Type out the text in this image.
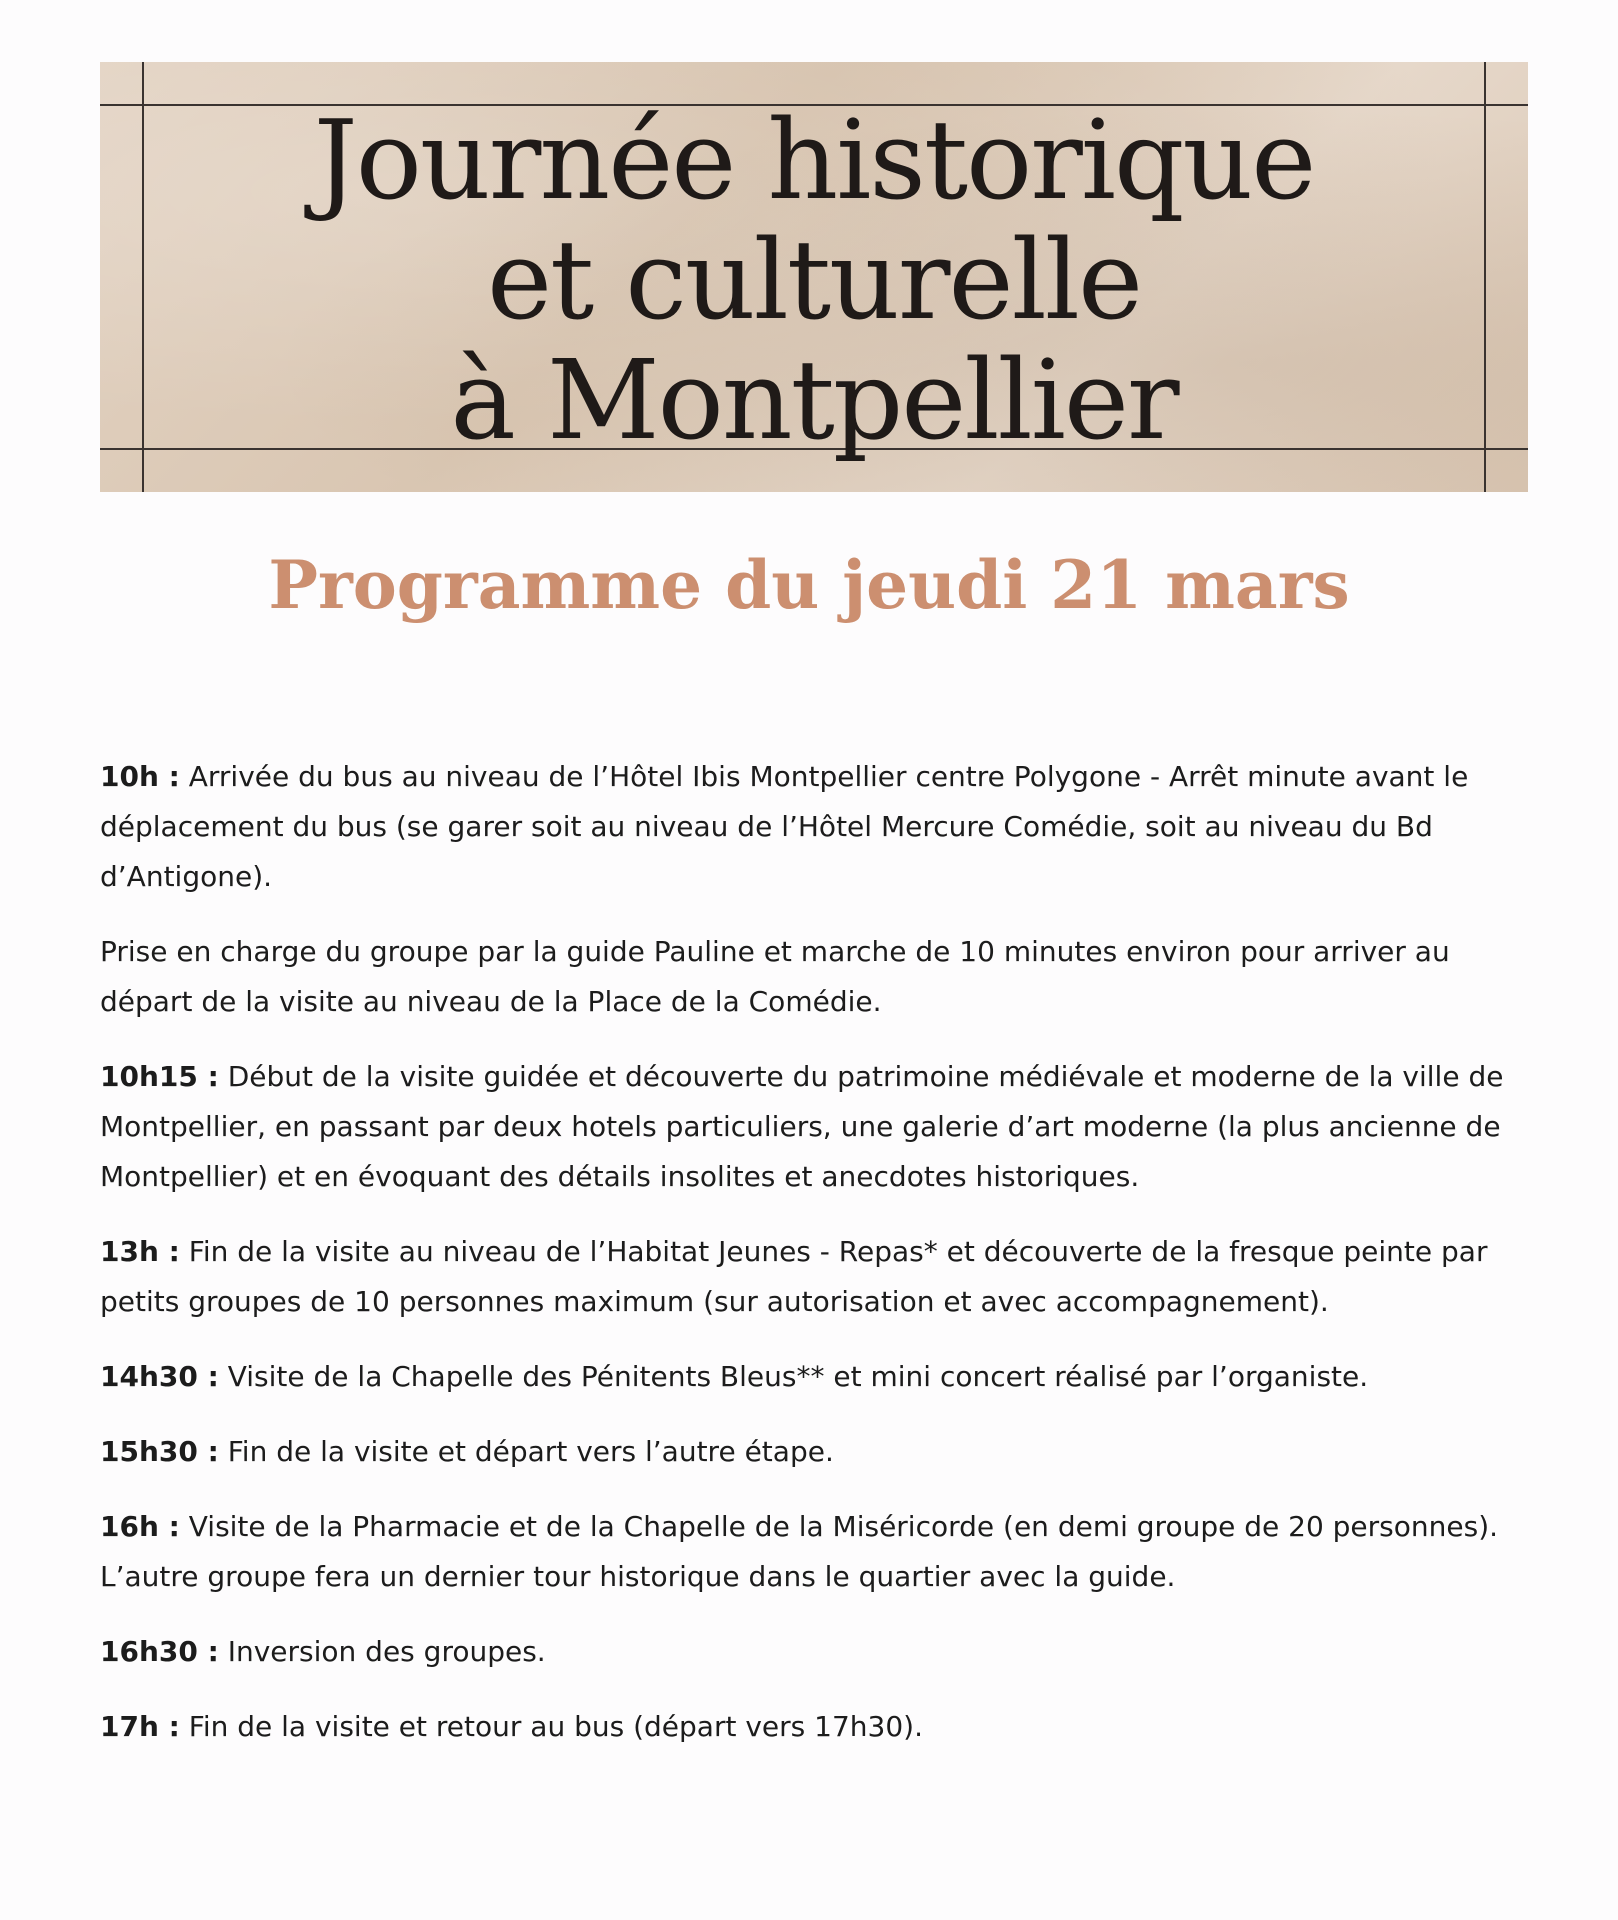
Journée historique
et culturelle
à Montpellier
Programme du jeudi 21 mars

10h : Arrivée du bus au niveau de l’Hôtel Ibis Montpellier centre Polygone - Arrêt minute avant le déplacement du bus (se garer soit au niveau de l’Hôtel Mercure Comédie, soit au niveau du Bd d’Antigone).

Prise en charge du groupe par la guide Pauline et marche de 10 minutes environ pour arriver au départ de la visite au niveau de la Place de la Comédie.

10h15 : Début de la visite guidée et découverte du patrimoine médiévale et moderne de la ville de Montpellier, en passant par deux hotels particuliers, une galerie d’art moderne (la plus ancienne de Montpellier) et en évoquant des détails insolites et anecdotes historiques.

13h : Fin de la visite au niveau de l’Habitat Jeunes - Repas* et découverte de la fresque peinte par petits groupes de 10 personnes maximum (sur autorisation et avec accompagnement).

14h30 : Visite de la Chapelle des Pénitents Bleus** et mini concert réalisé par l’organiste.

15h30 : Fin de la visite et départ vers l’autre étape.

16h : Visite de la Pharmacie et de la Chapelle de la Miséricorde (en demi groupe de 20 personnes). L’autre groupe fera un dernier tour historique dans le quartier avec la guide.

16h30 : Inversion des groupes.

17h : Fin de la visite et retour au bus (départ vers 17h30).
